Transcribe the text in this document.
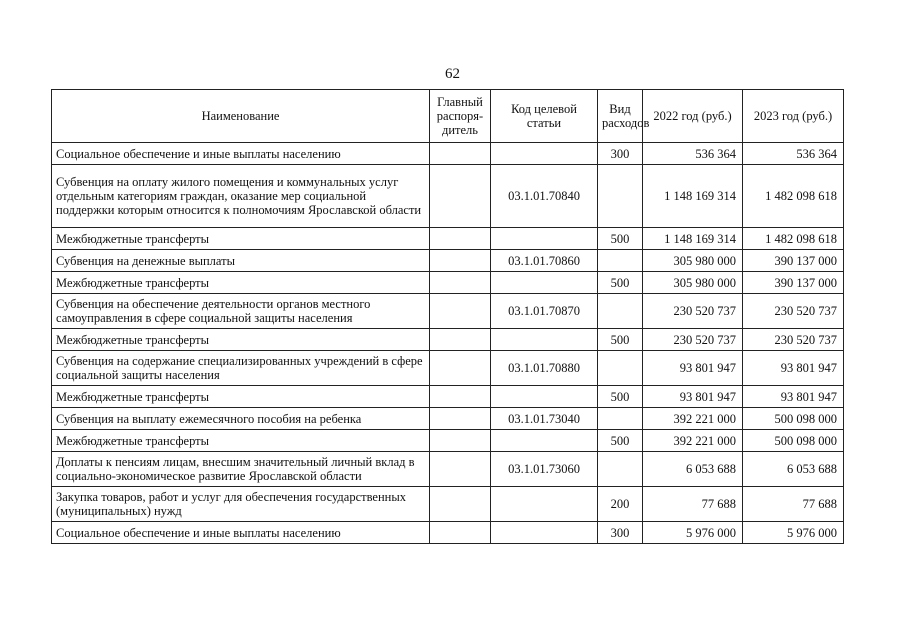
62
Наименование	Главный распоря-дитель	Код целевой статьи	Вид расходов	2022 год (руб.)	2023 год (руб.)
Социальное обеспечение и иные выплаты населению			300	536 364	536 364
Субвенция на оплату жилого помещения и коммунальных услуг отдельным категориям граждан, оказание мер социальной поддержки которым относится к полномочиям Ярославской области		03.1.01.70840		1 148 169 314	1 482 098 618
Межбюджетные трансферты			500	1 148 169 314	1 482 098 618
Субвенция на денежные выплаты		03.1.01.70860		305 980 000	390 137 000
Межбюджетные трансферты			500	305 980 000	390 137 000
Субвенция на обеспечение деятельности органов местного самоуправления в сфере социальной защиты населения		03.1.01.70870		230 520 737	230 520 737
Межбюджетные трансферты			500	230 520 737	230 520 737
Субвенция на содержание специализированных учреждений в сфере социальной защиты населения		03.1.01.70880		93 801 947	93 801 947
Межбюджетные трансферты			500	93 801 947	93 801 947
Субвенция на выплату ежемесячного пособия на ребенка		03.1.01.73040		392 221 000	500 098 000
Межбюджетные трансферты			500	392 221 000	500 098 000
Доплаты к пенсиям лицам, внесшим значительный личный вклад в социально-экономическое развитие Ярославской области		03.1.01.73060		6 053 688	6 053 688
Закупка товаров, работ и услуг для обеспечения государственных (муниципальных) нужд			200	77 688	77 688
Социальное обеспечение и иные выплаты населению			300	5 976 000	5 976 000
